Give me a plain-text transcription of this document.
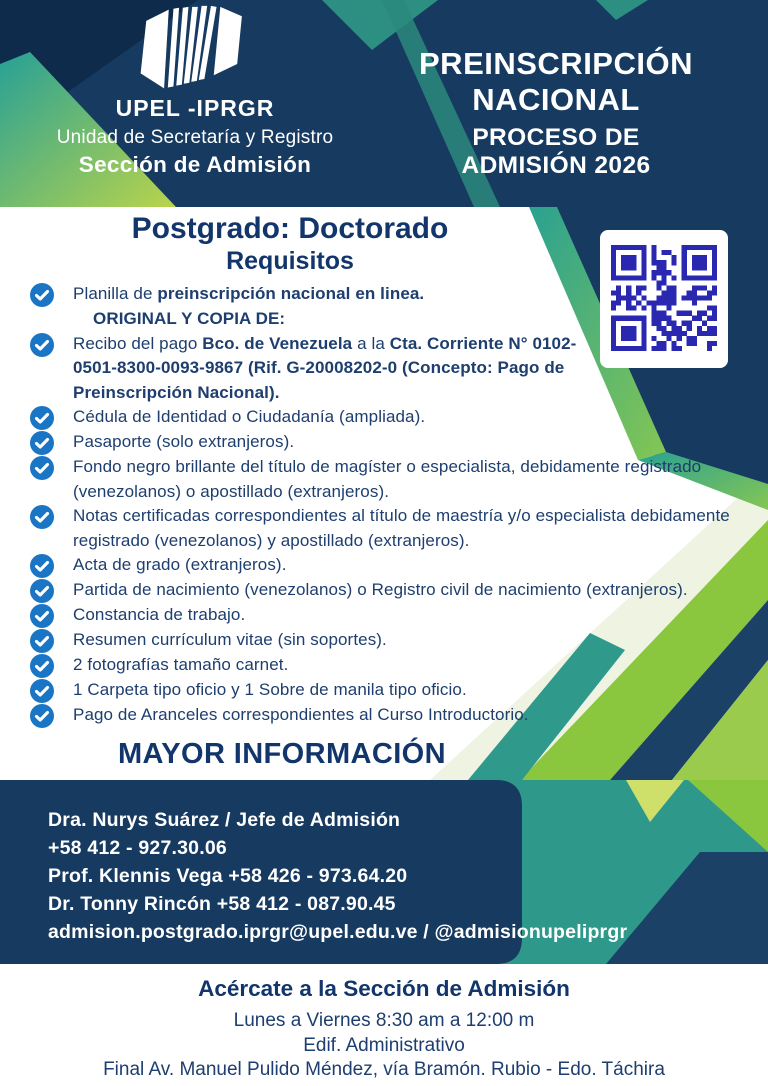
UPEL -IPRGR
Unidad de Secretaría y Registro
Sección de Admisión
PREINSCRIPCIÓN
NACIONAL
PROCESO DE
ADMISIÓN 2026
Postgrado: Doctorado
Requisitos
Planilla de preinscripción nacional en linea.
ORIGINAL Y COPIA DE:
Recibo del pago Bco. de Venezuela a la Cta. Corriente N° 0102-0501-8300-0093-9867 (Rif. G-20008202-0 (Concepto: Pago de Preinscripción Nacional).
Cédula de Identidad o Ciudadanía (ampliada).
Pasaporte (solo extranjeros).
Fondo negro brillante del título de magíster o especialista, debidamente registrado (venezolanos) o apostillado (extranjeros).
Notas certificadas correspondientes al título de maestría y/o especialista debidamente registrado (venezolanos) y apostillado (extranjeros).
Acta de grado (extranjeros).
Partida de nacimiento (venezolanos) o Registro civil de nacimiento (extranjeros).
Constancia de trabajo.
Resumen currículum vitae (sin soportes).
2 fotografías tamaño carnet.
1 Carpeta tipo oficio y 1 Sobre de manila tipo oficio.
Pago de Aranceles correspondientes al Curso Introductorio.
MAYOR INFORMACIÓN
Dra. Nurys Suárez / Jefe de Admisión
+58 412 - 927.30.06
Prof. Klennis Vega +58 426 - 973.64.20
Dr. Tonny Rincón +58 412 - 087.90.45
admision.postgrado.iprgr@upel.edu.ve / @admisionupeliprgr
Acércate a la Sección de Admisión
Lunes a Viernes 8:30 am a 12:00 m
Edif. Administrativo
Final Av. Manuel Pulido Méndez, vía Bramón. Rubio - Edo. Táchira
